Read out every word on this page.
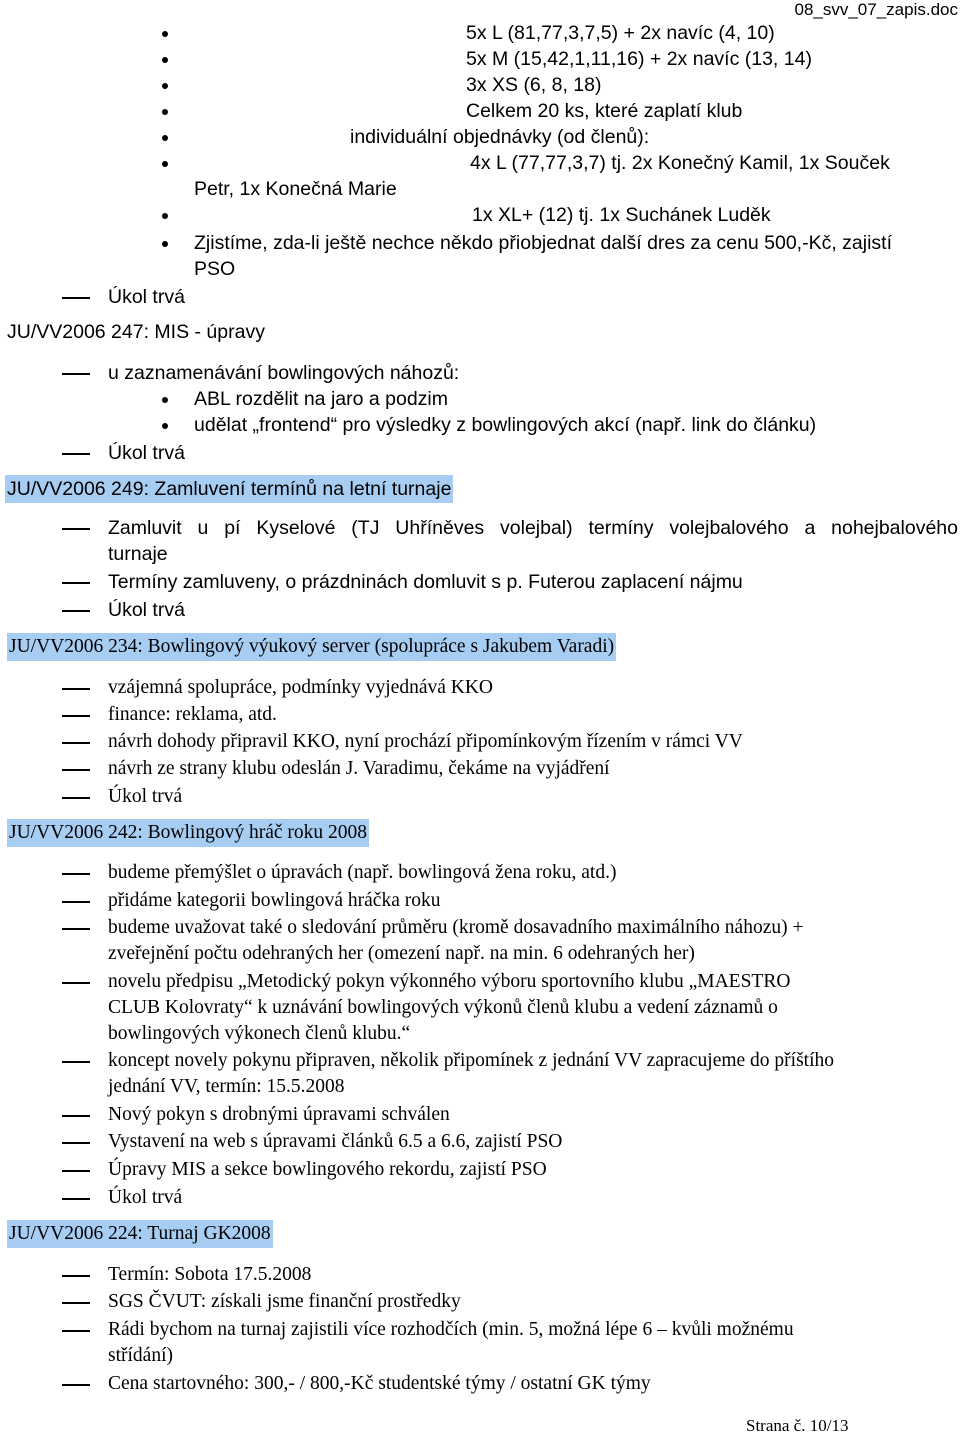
08_svv_07_zapis.doc
5x L (81,77,3,7,5) + 2x navíc (4, 10)
5x M (15,42,1,11,16) + 2x navíc (13, 14)
3x XS (6, 8, 18)
Celkem 20 ks, které zaplatí klub
individuální objednávky (od členů):
4x L (77,77,3,7) tj. 2x Konečný Kamil, 1x Souček
Petr, 1x Konečná Marie
1x XL+ (12) tj. 1x Suchánek Luděk
Zjistíme, zda-li ještě nechce někdo přiobjednat další dres za cenu 500,-Kč, zajistí
PSO
Úkol trvá
JU/VV2006 247: MIS - úpravy
u zaznamenávání bowlingových náhozů:
ABL rozdělit na jaro a podzim
udělat „frontend“ pro výsledky z bowlingových akcí (např. link do článku)
Úkol trvá
JU/VV2006 249: Zamluvení termínů na letní turnaje
Zamluvit u pí Kyselové (TJ Uhříněves volejbal) termíny volejbalového a nohejbalového
turnaje
Termíny zamluveny, o prázdninách domluvit s p. Futerou zaplacení nájmu
Úkol trvá
JU/VV2006 234: Bowlingový výukový server (spolupráce s Jakubem Varadi)
vzájemná spolupráce, podmínky vyjednává KKO
finance: reklama, atd.
návrh dohody připravil KKO, nyní prochází připomínkovým řízením v rámci VV
návrh ze strany klubu odeslán J. Varadimu, čekáme na vyjádření
Úkol trvá
JU/VV2006 242: Bowlingový hráč roku 2008
budeme přemýšlet o úpravách (např. bowlingová žena roku, atd.)
přidáme kategorii bowlingová hráčka roku
budeme uvažovat také o sledování průměru (kromě dosavadního maximálního náhozu) +
zveřejnění počtu odehraných her (omezení např. na min. 6 odehraných her)
novelu předpisu „Metodický pokyn výkonného výboru sportovního klubu „MAESTRO
CLUB Kolovraty“ k uznávání bowlingových výkonů členů klubu a vedení záznamů o
bowlingových výkonech členů klubu.“
koncept novely pokynu připraven, několik připomínek z jednání VV zapracujeme do příštího
jednání VV, termín: 15.5.2008
Nový pokyn s drobnými úpravami schválen
Vystavení na web s úpravami článků 6.5 a 6.6, zajistí PSO
Úpravy MIS a sekce bowlingového rekordu, zajistí PSO
Úkol trvá
JU/VV2006 224: Turnaj GK2008
Termín: Sobota 17.5.2008
SGS ČVUT: získali jsme finanční prostředky
Rádi bychom na turnaj zajistili více rozhodčích (min. 5, možná lépe 6 – kvůli možnému
střídání)
Cena startovného: 300,- / 800,-Kč studentské týmy / ostatní GK týmy
Strana č. 10/13
